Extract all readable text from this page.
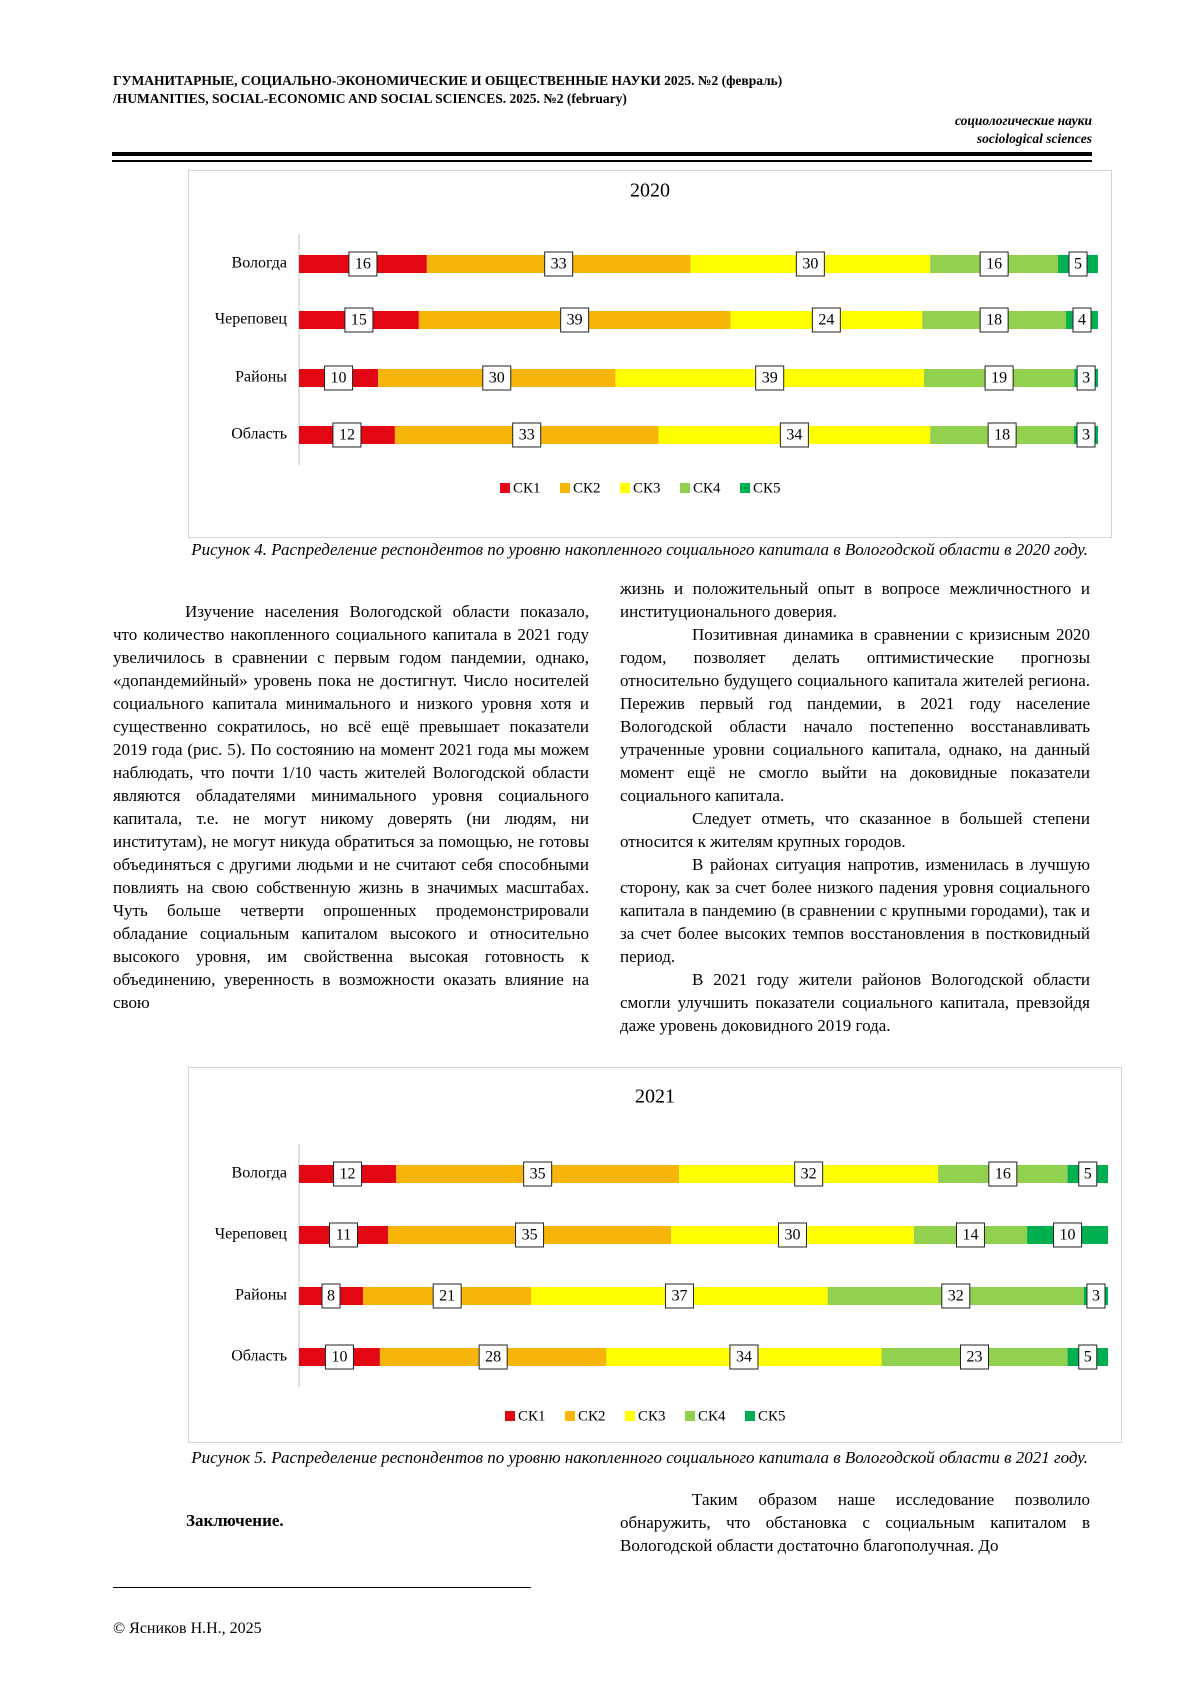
ГУМАНИТАРНЫЕ, СОЦИАЛЬНО-ЭКОНОМИЧЕСКИЕ И ОБЩЕСТВЕННЫЕ НАУКИ 2025. №2 (февраль)
/HUMANITIES, SOCIAL-ECONOMIC AND SOCIAL SCIENCES. 2025. №2 (february)
социологические науки
sociological sciences
2020
Вологда	16	33	30	16	5
Череповец	15	39	24	18	4
Районы	10	30	39	19	3
Область	12	33	34	18	3
СК1 СК2 СК3 СК4 СК5
Рисунок 4. Распределение респондентов по уровню накопленного социального капитала в Вологодской области в 2020 году.

Изучение населения Вологодской области показало, что количество накопленного социального капитала в 2021 году увеличилось в сравнении с первым годом пандемии, однако, «допандемийный» уровень пока не достигнут. Число носителей социального капитала минимального и низкого уровня хотя и существенно сократилось, но всё ещё превышает показатели 2019 года (рис. 5). По состоянию на момент 2021 года мы можем наблюдать, что почти 1/10 часть жителей Вологодской области являются обладателями минимального уровня социального капитала, т.е. не могут никому доверять (ни людям, ни институтам), не могут никуда обратиться за помощью, не готовы объединяться с другими людьми и не считают себя способными повлиять на свою собственную жизнь в значимых масштабах. Чуть больше четверти опрошенных продемонстрировали обладание социальным капиталом высокого и относительно высокого уровня, им свойственна высокая готовность к объединению, уверенность в возможности оказать влияние на свою

жизнь и положительный опыт в вопросе межличностного и институционального доверия.

Позитивная динамика в сравнении с кризисным 2020 годом, позволяет делать оптимистические прогнозы относительно будущего социального капитала жителей региона. Пережив первый год пандемии, в 2021 году население Вологодской области начало постепенно восстанавливать утраченные уровни социального капитала, однако, на данный момент ещё не смогло выйти на доковидные показатели социального капитала.

Следует отметь, что сказанное в большей степени относится к жителям крупных городов.

В районах ситуация напротив, изменилась в лучшую сторону, как за счет более низкого падения уровня социального капитала в пандемию (в сравнении с крупными городами), так и за счет более высоких темпов восстановления в постковидный период.

В 2021 году жители районов Вологодской области смогли улучшить показатели социального капитала, превзойдя даже уровень доковидного 2019 года.

2021
Вологда	12	35	32	16	5
Череповец	11	35	30	14	10
Районы	8	21	37	32	3
Область	10	28	34	23	5
СК1 СК2 СК3 СК4 СК5
Рисунок 5. Распределение респондентов по уровню накопленного социального капитала в Вологодской области в 2021 году.
Заключение.

Таким образом наше исследование позволило обнаружить, что обстановка с социальным капиталом в Вологодской области достаточно благополучная. До

© Ясников Н.Н., 2025
